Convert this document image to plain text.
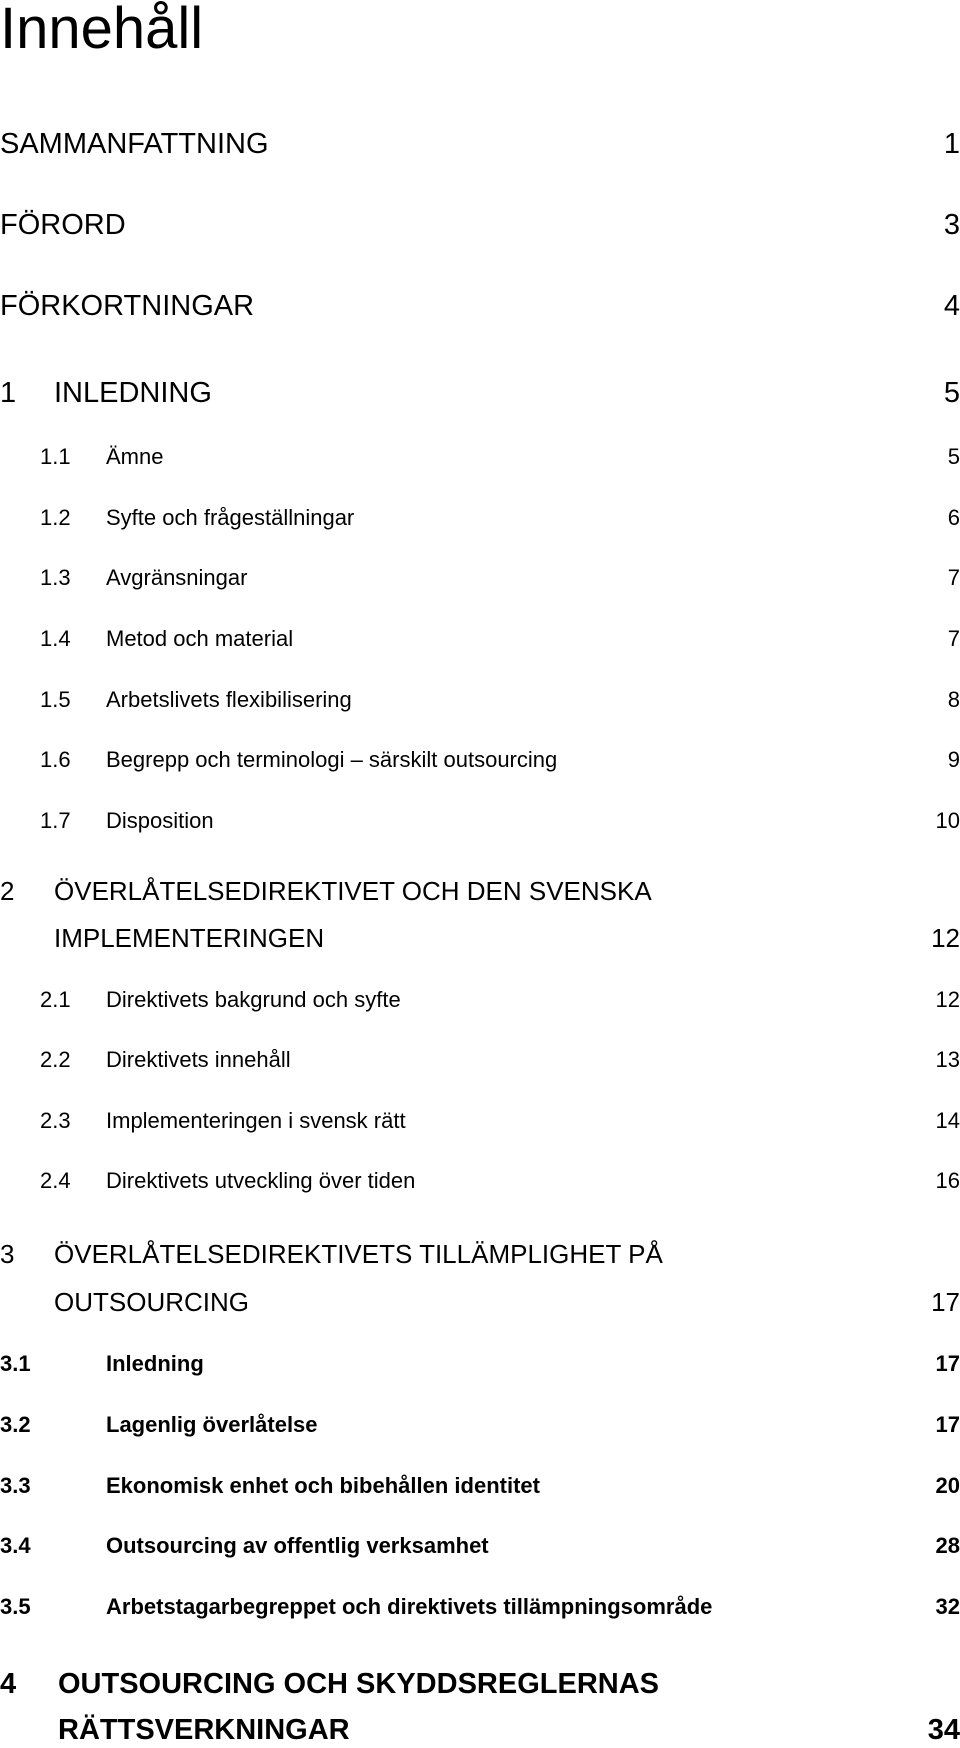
Innehåll
SAMMANFATTNING	1
FÖRORD	3
FÖRKORTNINGAR	4
1 INLEDNING	5
1.1 Ämne	5
1.2 Syfte och frågeställningar	6
1.3 Avgränsningar	7
1.4 Metod och material	7
1.5 Arbetslivets flexibilisering	8
1.6 Begrepp och terminologi – särskilt outsourcing	9
1.7 Disposition	10
2 ÖVERLÅTELSEDIREKTIVET OCH DEN SVENSKA
IMPLEMENTERINGEN	12
2.1 Direktivets bakgrund och syfte	12
2.2 Direktivets innehåll	13
2.3 Implementeringen i svensk rätt	14
2.4 Direktivets utveckling över tiden	16
3 ÖVERLÅTELSEDIREKTIVETS TILLÄMPLIGHET PÅ
OUTSOURCING	17
3.1	Inledning	17
3.2	Lagenlig överlåtelse	17
3.3	Ekonomisk enhet och bibehållen identitet	20
3.4	Outsourcing av offentlig verksamhet	28
3.5	Arbetstagarbegreppet och direktivets tillämpningsområde	32
4 OUTSOURCING OCH SKYDDSREGLERNAS
RÄTTSVERKNINGAR	34
